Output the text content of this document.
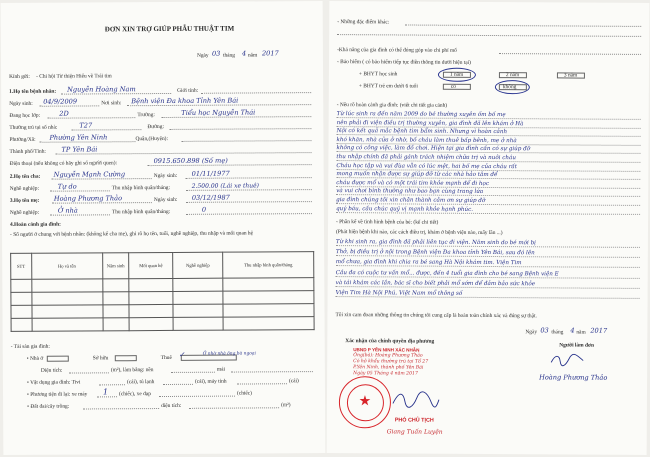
ĐƠN XIN TRỢ GIÚP PHẪU THUẬT TIM
Ngày 03 tháng 4 năm 2017
Kính gửi: - Chi hội Từ thiện Hiểu về Trái tim
1.Họ tên bệnh nhân: Nguyễn Hoàng Nam	Giới tính:
Ngày sinh: 04/9/2009	Nơi sinh: Bệnh viện Đa khoa Tỉnh Yên Bái
Đang học lớp:	2D	Trường:	Tiểu học Nguyễn Thái
Thường trú tại số nhà:	T27	Đường:
Phường/Xã: Phường Yên Ninh	Quận,(Huyện):
Thành phố/Tỉnh: TP Yên Bái
Điện thoại (nếu không có hãy ghi số người quen):	0915.650.898 (Số mẹ)
2.Họ tên cha: Nguyễn Mạnh Cường	Ngày sinh: 01/11/1977
Nghề nghiệp:	Tự do	Thu nhập bình quân/tháng:	2.500.00 (Lái xe thuê)
3.Họ tên mẹ: Hoàng Phương Thảo	Ngày sinh: 03/12/1987
Nghề nghiệp:	Ở nhà	Thu nhập bình quân/tháng:	0
4.Hoàn cảnh gia đình:
- Số người ở chung với bệnh nhân: (không kể cha mẹ), ghi rõ họ tên, tuổi, nghề nghiệp, thu nhập và mối quan hệ
STT	Họ và tên	Năm sinh	Mối quan hệ	Nghề nghiệp	Thu nhập bình quân/tháng

- Tài sản gia đình:
• Nhà ở	Sở hữu	Thuê
Ở nhờ nhà ông bà ngoại
✓
Diện tích:	(m²), làm bằng: nền	mái
• Vật dụng gia đình: Tivi	(cái), tủ lạnh	(cái), máy tính	(cái)
• Phương tiện đi lại: xe máy 1 (chiếc), xe đạp	(chiếc)
• Đất đai/cây trồng:	diện tích:	(m²)
- Những đặc điểm khác:
-Khả năng của gia đình có thể đóng góp vào chi phí mổ
- Bảo hiểm ( có bảo hiểm tiếp tục điền thông tin dưới hiện tại)
+ BHYT học sinh	1 năm	2 năm	3 năm
+ BHYT trẻ em dưới 6 tuổi	có	không
- Nêu rõ hoàn cảnh gia đình: (viết chi tiết gia cảnh)
Từ lúc sinh ra đến năm 2009 do bé thường xuyên ốm bố mẹ
nên phải đi viện điều trị thường xuyên, gia đình đã lên khám ở Hà
Nội có kết quả mắc bệnh tim bẩm sinh. Nhưng vì hoàn cảnh
khó khăn, nhà cửa ở nhờ, bố cháu làm thuê bấp bênh, mẹ ở nhà
không có công việc, làm đồ chơi. Hiện tại gia đình cần có sự giúp đỡ
thu nhập chính đã phải gánh trách nhiệm chữa trị và nuôi cháu
Cháu học tập và vui đùa vẫn có lúc mệt, hai bố mẹ của cháu rất
mong muốn nhận được sự giúp đỡ từ các nhà hảo tâm để
cháu được mổ và có một trái tim khỏe mạnh để đi học
và vui chơi bình thường như bao bạn cùng trang lứa
gia đình chúng tôi xin chân thành cảm ơn sự giúp đỡ
quý báu, cầu chúc quý vị mạnh khỏe hạnh phúc.
- Phần kể về tình hình bệnh của bé: (kể chi tiết)
(Phát hiện bệnh khi nào, các cách điều trị, khám ở bệnh viện nào, mấy lần ...)
Từ khi sinh ra, gia đình đã phải liên tục đi viện. Năm sinh do bé mới bị
Thở, bị điều trị ở nội trong Bệnh viện Đa khoa tỉnh Yên Bái, sau đó lên
mổ chưa, gia đình khi chia ra bé sang Hà Nội khám tim. Viện Tim
Cầu đa có cuộc tư vấn mổ... được, đến 4 tuổi gia đình cho bé sang Bệnh viện E
và tái khám các lần, bác sĩ cho biết phải mổ sớm để đảm bảo sức khỏe
Viện Tim Hà Nội Phú, Việt Nam mổ thông số
Tôi xin cam đoan những thông tin chúng tôi cung cấp là hoàn toàn chính xác và đúng sự thật.
Ngày 03 tháng 4 năm 2017
Xác nhận của chính quyền địa phương
Người làm đơn
UBND P YÊN NINH XÁC NHẬN
Ông(bà): Hoàng Phương Thảo
Có hộ khẩu thường trú tại Tổ 27
P.Yên Ninh, thành phố Yên Bái
Ngày 05 Tháng 4 năm 2017
★
PHÓ CHỦ TỊCH
Giang Tuấn Luyện
Hoàng Phương Thảo
